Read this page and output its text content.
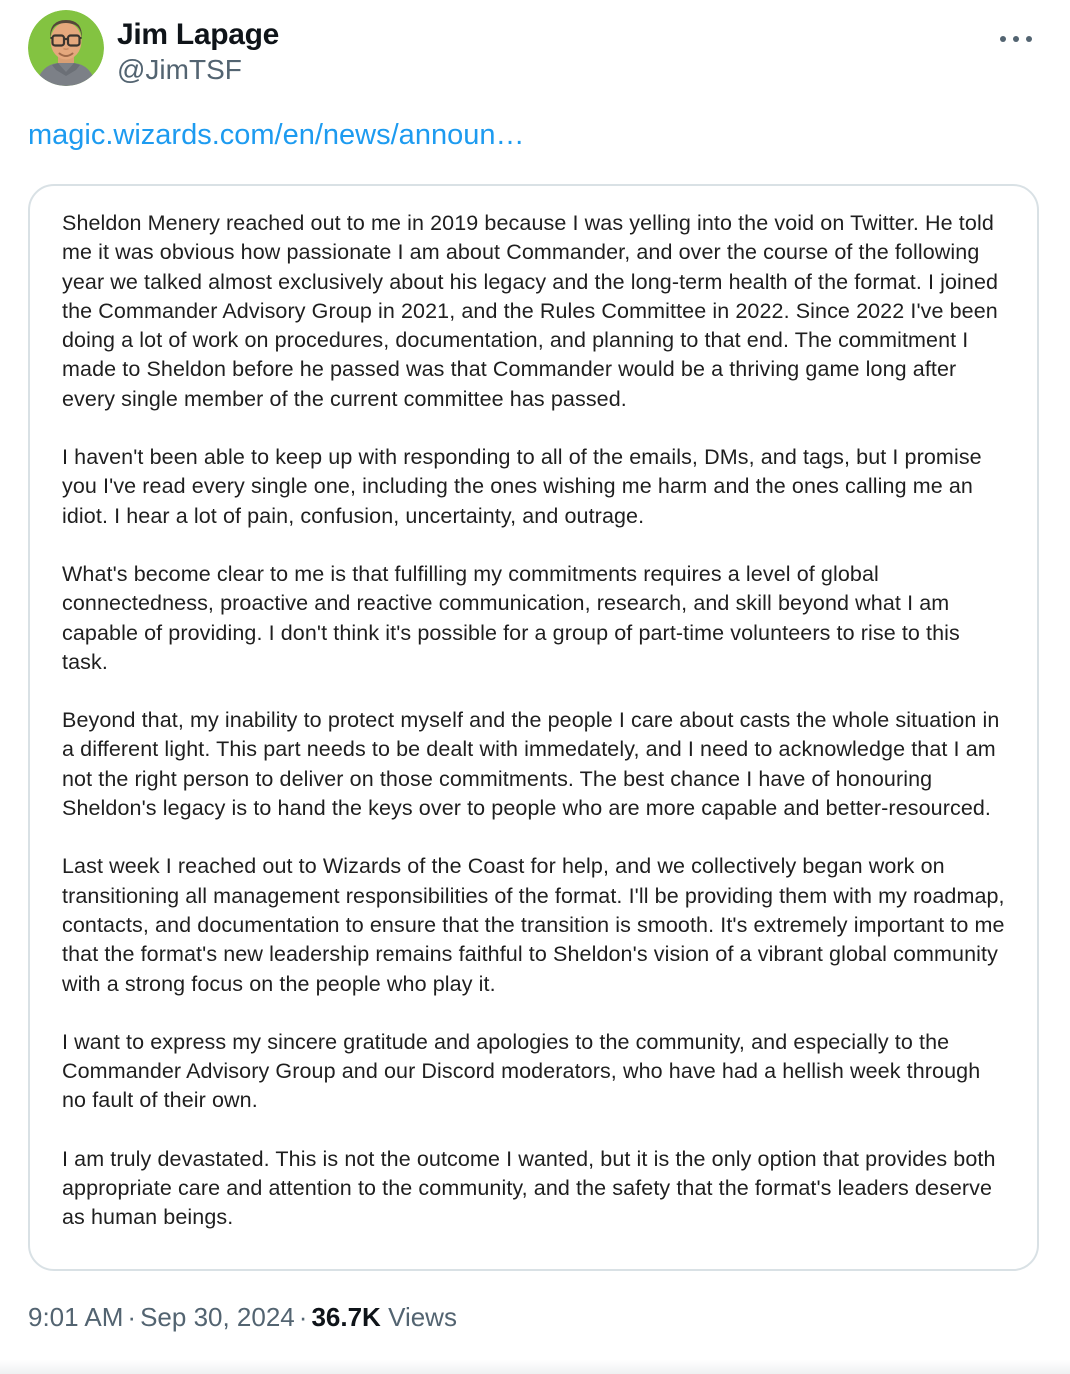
Jim Lapage
@JimTSF
magic.wizards.com/en/news/announ…

Sheldon Menery reached out to me in 2019 because I was yelling into the void on Twitter. He told me it was obvious how passionate I am about Commander, and over the course of the following year we talked almost exclusively about his legacy and the long-term health of the format. I joined the Commander Advisory Group in 2021, and the Rules Committee in 2022. Since 2022 I've been doing a lot of work on procedures, documentation, and planning to that end. The commitment I made to Sheldon before he passed was that Commander would be a thriving game long after every single member of the current committee has passed.

I haven't been able to keep up with responding to all of the emails, DMs, and tags, but I promise you I've read every single one, including the ones wishing me harm and the ones calling me an idiot. I hear a lot of pain, confusion, uncertainty, and outrage.

What's become clear to me is that fulfilling my commitments requires a level of global connectedness, proactive and reactive communication, research, and skill beyond what I am capable of providing. I don't think it's possible for a group of part-time volunteers to rise to this task.

Beyond that, my inability to protect myself and the people I care about casts the whole situation in a different light. This part needs to be dealt with immedately, and I need to acknowledge that I am not the right person to deliver on those commitments. The best chance I have of honouring Sheldon's legacy is to hand the keys over to people who are more capable and better-resourced.

Last week I reached out to Wizards of the Coast for help, and we collectively began work on transitioning all management responsibilities of the format. I'll be providing them with my roadmap, contacts, and documentation to ensure that the transition is smooth. It's extremely important to me that the format's new leadership remains faithful to Sheldon's vision of a vibrant global community with a strong focus on the people who play it.

I want to express my sincere gratitude and apologies to the community, and especially to the Commander Advisory Group and our Discord moderators, who have had a hellish week through no fault of their own.

I am truly devastated. This is not the outcome I wanted, but it is the only option that provides both appropriate care and attention to the community, and the safety that the format's leaders deserve as human beings.

9:01 AM · Sep 30, 2024 · 36.7K Views
